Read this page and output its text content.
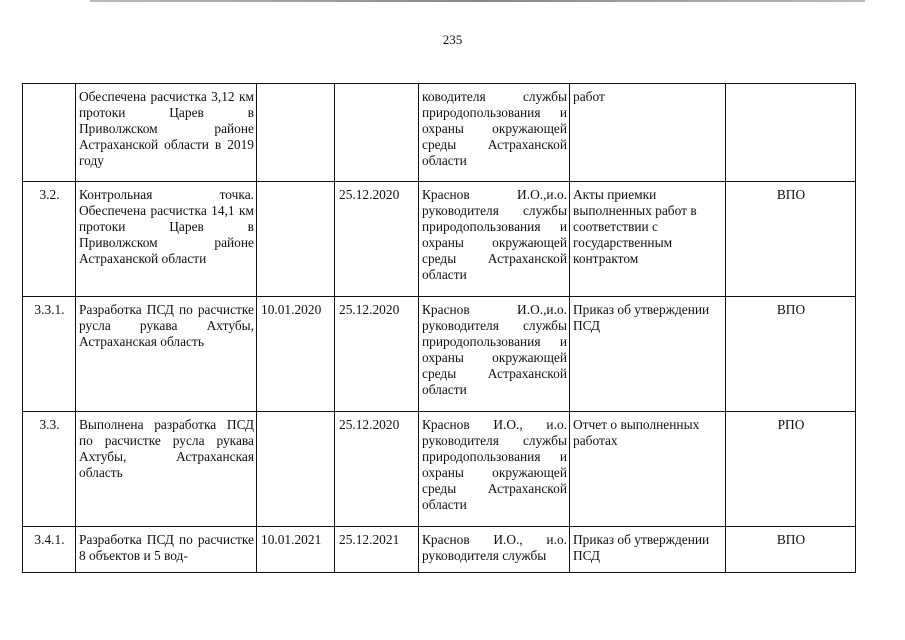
235
	Обеспечена расчистка 3,12 км протоки Царев в Приволжском районе Астраханской области в 2019 году			ководителя службы природопользования и охраны окружающей среды Астраханской области	работ	
3.2.	Контрольная точка. Обеспечена расчистка 14,1 км протоки Царев в Приволжском районе Астраханской области		25.12.2020	Краснов И.О.,и.о. руководителя службы природопользования и охраны окружающей среды Астраханской области	Акты приемки выполненных работ в соответствии с государственным контрактом	ВПО
3.3.1.	Разработка ПСД по расчистке русла рукава Ахтубы, Астраханская область	10.01.2020	25.12.2020	Краснов И.О.,и.о. руководителя службы природопользования и охраны окружающей среды Астраханской области	Приказ об утверждении ПСД	ВПО
3.3.	Выполнена разработка ПСД по расчистке русла рукава Ахтубы, Астраханская область		25.12.2020	Краснов И.О., и.о. руководителя службы природопользования и охраны окружающей среды Астраханской области	Отчет о выполненных работах	РПО
3.4.1.	Разработка ПСД по расчистке 8 объектов и 5 вод-	10.01.2021	25.12.2021	Краснов И.О., и.о. руководителя службы	Приказ об утверждении ПСД	ВПО
